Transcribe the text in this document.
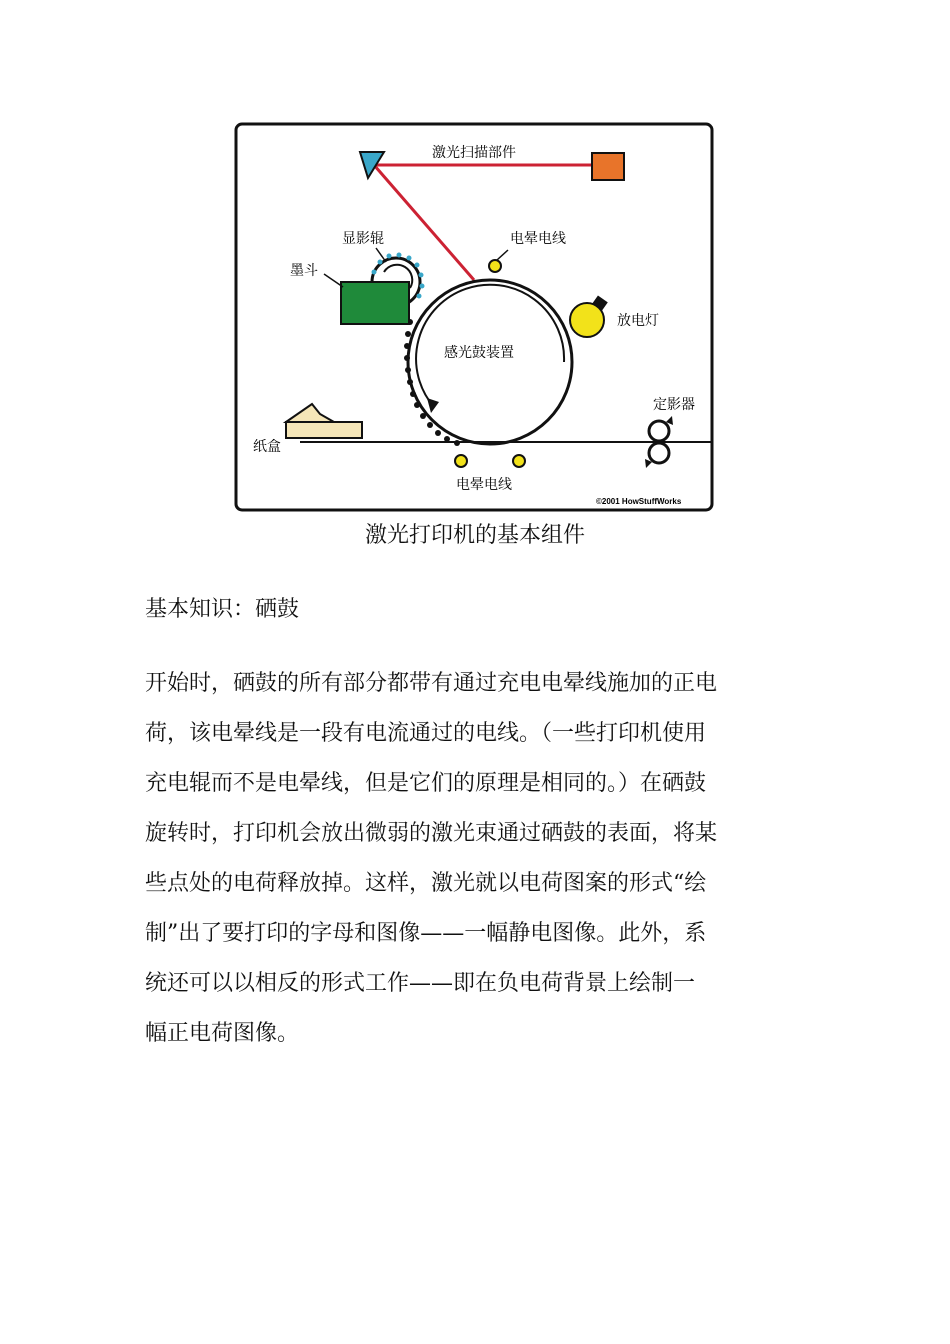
激光扫描部件
显影辊
墨斗
电晕电线
放电灯
感光鼓装置
定影器
纸盒
电晕电线
©2001 HowStuffWorks
激光打印机的基本组件
基本知识：硒鼓
开始时，硒鼓的所有部分都带有通过充电电晕线施加的正电
荷，该电晕线是一段有电流通过的电线。（一些打印机使用
充电辊而不是电晕线，但是它们的原理是相同的。）在硒鼓
旋转时，打印机会放出微弱的激光束通过硒鼓的表面，将某
些点处的电荷释放掉。这样，激光就以电荷图案的形式“绘
制”出了要打印的字母和图像——一幅静电图像。此外，系
统还可以以相反的形式工作——即在负电荷背景上绘制一
幅正电荷图像。
